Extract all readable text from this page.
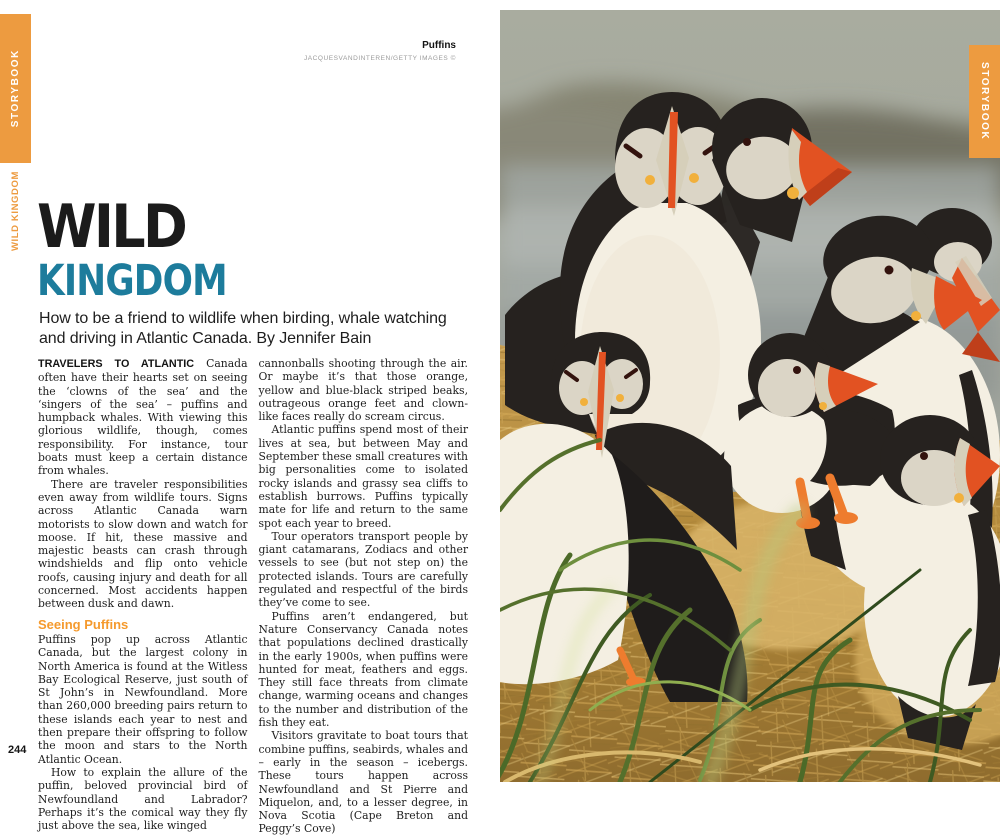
STORYBOOK
WILD KINGDOM
Puffins
JACQUESVANDINTEREN/GETTY IMAGES ©
WILD
KINGDOM
How to be a friend to wildlife when birding, whale watching and driving in Atlantic Canada. By Jennifer Bain

TRAVELERS TO ATLANTIC Canada often have their hearts set on seeing the ‘clowns of the sea’ and the ‘singers of the sea’ – puffins and humpback whales. With viewing this glorious wildlife, though, comes responsibility. For instance, tour boats must keep a certain distance from whales.

There are traveler responsibilities even away from wildlife tours. Signs across Atlantic Canada warn motorists to slow down and watch for moose. If hit, these massive and majestic beasts can crash through windshields and flip onto vehicle roofs, causing injury and death for all concerned. Most accidents happen between dusk and dawn.

Seeing Puffins

Puffins pop up across Atlantic Canada, but the largest colony in North America is found at the Witless Bay Ecological Reserve, just south of St John’s in Newfoundland. More than 260,000 breeding pairs return to these islands each year to nest and then prepare their offspring to follow the moon and stars to the North Atlantic Ocean.

How to explain the allure of the puffin, beloved provincial bird of Newfoundland and Labrador? Perhaps it’s the comical way they fly just above the sea, like winged

cannonballs shooting through the air. Or maybe it’s that those orange, yellow and blue-black striped beaks, outrageous orange feet and clown-like faces really do scream circus.

Atlantic puffins spend most of their lives at sea, but between May and September these small creatures with big personalities come to isolated rocky islands and grassy sea cliffs to establish burrows. Puffins typically mate for life and return to the same spot each year to breed.

Tour operators transport people by giant catamarans, Zodiacs and other vessels to see (but not step on) the protected islands. Tours are carefully regulated and respectful of the birds they’ve come to see.

Puffins aren’t endangered, but Nature Conservancy Canada notes that populations declined drastically in the early 1900s, when puffins were hunted for meat, feathers and eggs. They still face threats from climate change, warming oceans and changes to the number and distribution of the fish they eat.

Visitors gravitate to boat tours that combine puffins, seabirds, whales and – early in the season – icebergs. These tours happen across Newfoundland and St Pierre and Miquelon, and, to a lesser degree, in Nova Scotia (Cape Breton and Peggy’s Cove)

244
STORYBOOK
